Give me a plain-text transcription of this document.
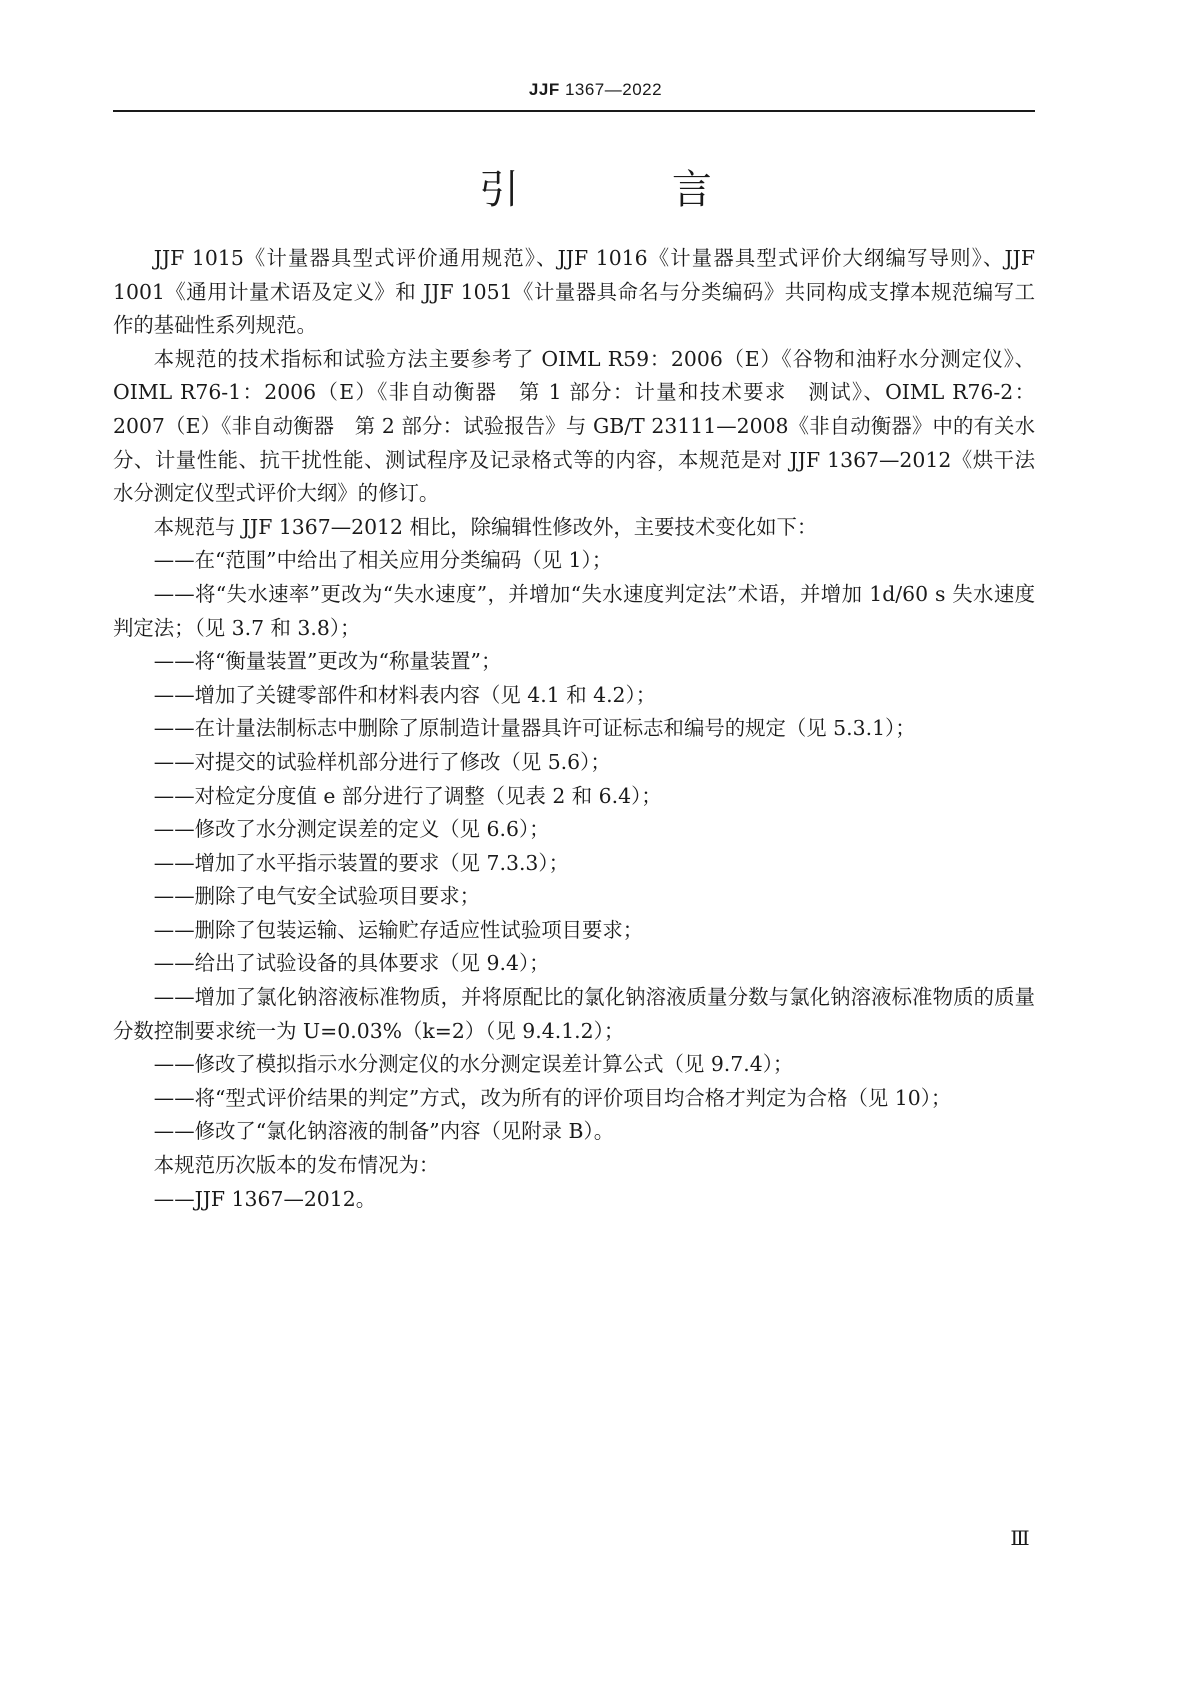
JJF 1367—2022
引 言

JJF 1015《计量器具型式评价通用规范》、JJF 1016《计量器具型式评价大纲编写导则》、JJF 1001《通用计量术语及定义》和 JJF 1051《计量器具命名与分类编码》共同构成支撑本规范编写工作的基础性系列规范。

本规范的技术指标和试验方法主要参考了 OIML R59：2006（E）《谷物和油籽水分测定仪》、OIML R76-1：2006（E）《非自动衡器　第 1 部分：计量和技术要求　测试》、OIML R76-2：2007（E）《非自动衡器　第 2 部分：试验报告》与 GB/T 23111—2008《非自动衡器》中的有关水分、计量性能、抗干扰性能、测试程序及记录格式等的内容，本规范是对 JJF 1367—2012《烘干法水分测定仪型式评价大纲》的修订。

本规范与 JJF 1367—2012 相比，除编辑性修改外，主要技术变化如下：

——在“范围”中给出了相关应用分类编码（见 1）；

——将“失水速率”更改为“失水速度”，并增加“失水速度判定法”术语，并增加 1d/60 s 失水速度判定法；（见 3.7 和 3.8）；

——将“衡量装置”更改为“称量装置”；

——增加了关键零部件和材料表内容（见 4.1 和 4.2）；

——在计量法制标志中删除了原制造计量器具许可证标志和编号的规定（见 5.3.1）；

——对提交的试验样机部分进行了修改（见 5.6）；

——对检定分度值 e 部分进行了调整（见表 2 和 6.4）；

——修改了水分测定误差的定义（见 6.6）；

——增加了水平指示装置的要求（见 7.3.3）；

——删除了电气安全试验项目要求；

——删除了包装运输、运输贮存适应性试验项目要求；

——给出了试验设备的具体要求（见 9.4）；

——增加了氯化钠溶液标准物质，并将原配比的氯化钠溶液质量分数与氯化钠溶液标准物质的质量分数控制要求统一为 U=0.03%（k=2）（见 9.4.1.2）；

——修改了模拟指示水分测定仪的水分测定误差计算公式（见 9.7.4）；

——将“型式评价结果的判定”方式，改为所有的评价项目均合格才判定为合格（见 10）；

——修改了“氯化钠溶液的制备”内容（见附录 B）。

本规范历次版本的发布情况为：

——JJF 1367—2012。

Ⅲ
